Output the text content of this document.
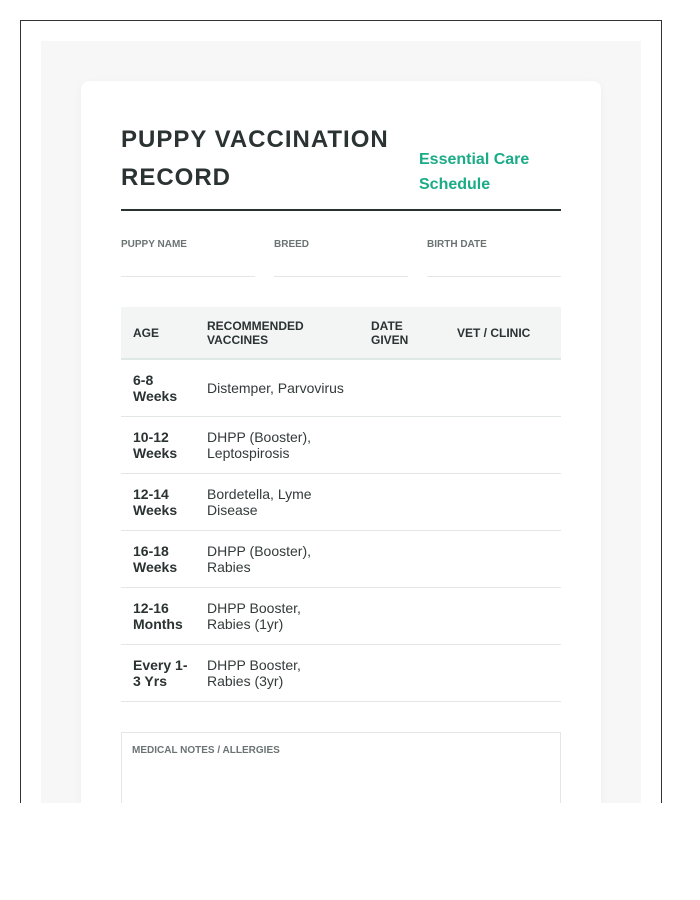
PUPPY VACCINATION RECORD
Essential Care Schedule
PUPPY NAME	BREED	BIRTH DATE
AGE	RECOMMENDED VACCINES	DATE GIVEN	VET / CLINIC
6-8 Weeks	Distemper, Parvovirus		
10-12 Weeks	DHPP (Booster), Leptospirosis		
12-14 Weeks	Bordetella, Lyme Disease		
16-18 Weeks	DHPP (Booster), Rabies		
12-16 Months	DHPP Booster, Rabies (1yr)		
Every 1-3 Yrs	DHPP Booster, Rabies (3yr)		
MEDICAL NOTES / ALLERGIES
